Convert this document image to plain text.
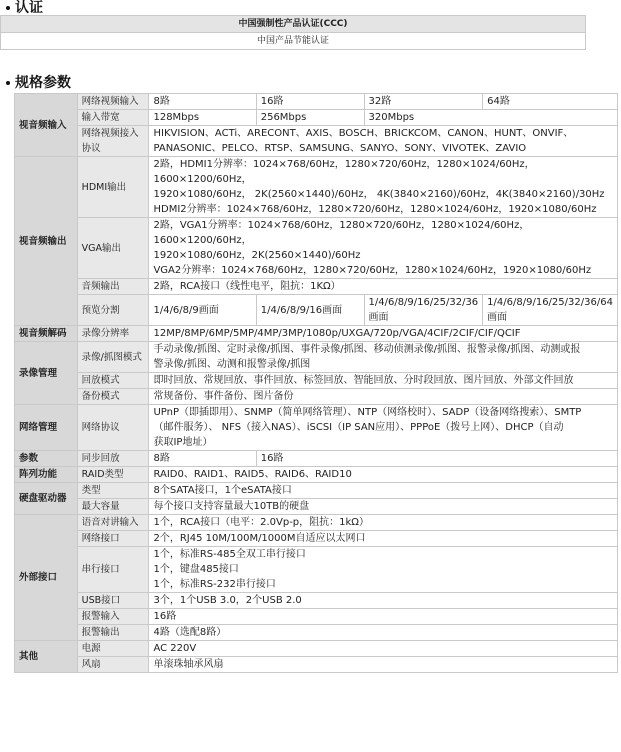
认证
中国强制性产品认证(CCC)
中国产品节能认证
规格参数
视音频输入	网络视频输入	8路	16路	32路	64路
	输入带宽	128Mbps	256Mbps	320Mbps	
	网络视频接入协议	HIKVISION、ACTi、ARECONT、AXIS、BOSCH、BRICKCOM、CANON、HUNT、ONVIF、
PANASONIC、PELCO、RTSP、SAMSUNG、SANYO、SONY、VIVOTEK、ZAVIO			

视音频输出	HDMI输出	2路，HDMI1分辨率：1024×768/60Hz，1280×720/60Hz，1280×1024/60Hz，1600×1200/60Hz，
1920×1080/60Hz， 2K(2560×1440)/60Hz， 4K(3840×2160)/60Hz，4K(3840×2160)/30Hz
HDMI2分辨率：1024×768/60Hz，1280×720/60Hz，1280×1024/60Hz，1920×1080/60Hz			

	VGA输出	2路，VGA1分辨率：1024×768/60Hz，1280×720/60Hz，1280×1024/60Hz，1600×1200/60Hz，
1920×1080/60Hz，2K(2560×1440)/60Hz
VGA2分辨率：1024×768/60Hz，1280×720/60Hz，1280×1024/60Hz，1920×1080/60Hz			

	音频输出	2路，RCA接口（线性电平，阻抗：1KΩ）			
	预览分割	1/4/6/8/9画面	1/4/6/8/9/16画面	1/4/6/8/9/16/25/32/36画面	1/4/6/8/9/16/25/32/36/64画面
视音频解码	录像分辨率	12MP/8MP/6MP/5MP/4MP/3MP/1080p/UXGA/720p/VGA/4CIF/2CIF/CIF/QCIF			
录像管理	录像/抓图模式	手动录像/抓图、定时录像/抓图、事件录像/抓图、移动侦测录像/抓图、报警录像/抓图、动测或报
警录像/抓图、动测和报警录像/抓图			

	回放模式	即时回放、常规回放、事件回放、标签回放、智能回放、分时段回放、图片回放、外部文件回放			
	备份模式	常规备份、事件备份、图片备份			
网络管理	网络协议	UPnP（即插即用）、SNMP（简单网络管理）、NTP（网络校时）、SADP（设备网络搜索）、SMTP
（邮件服务）、 NFS（接入NAS）、iSCSI（IP SAN应用）、PPPoE（拨号上网）、DHCP（自动
获取IP地址）			

参数	同步回放	8路	16路		
阵列功能	RAID类型	RAID0、RAID1、RAID5、RAID6、RAID10			
硬盘驱动器	类型	8个SATA接口，1个eSATA接口			
	最大容量	每个接口支持容量最大10TB的硬盘			
外部接口	语音对讲输入	1个，RCA接口（电平：2.0Vp-p，阻抗：1kΩ）			
	网络接口	2个，RJ45 10M/100M/1000M自适应以太网口			
	串行接口	1个，标准RS-485全双工串行接口
1个，键盘485接口
1个，标准RS-232串行接口			

	USB接口	3个，1个USB 3.0，2个USB 2.0			
	报警输入	16路			
	报警输出	4路（选配8路）			
其他	电源	AC 220V			
	风扇	单滚珠轴承风扇			
